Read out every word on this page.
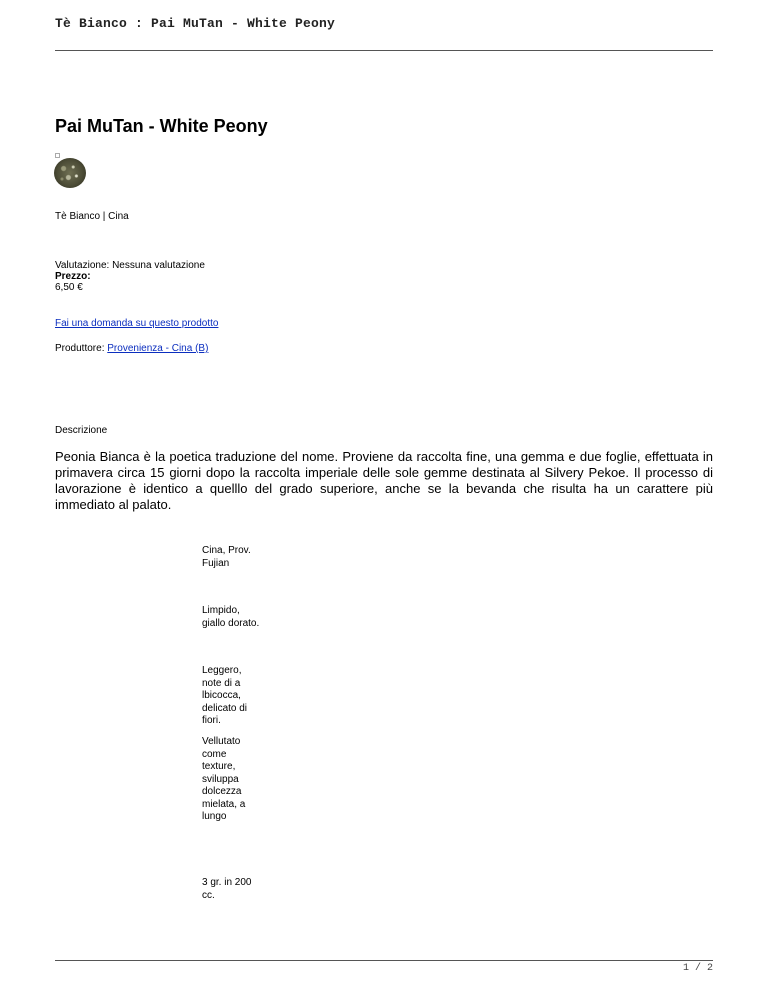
Tè Bianco : Pai MuTan - White Peony
Pai MuTan - White Peony
Tè Bianco | Cina
Valutazione: Nessuna valutazione
Prezzo:
6,50 €
Fai una domanda su questo prodotto
Produttore: Provenienza - Cina (B)
Descrizione

Peonia Bianca è la poetica traduzione del nome. Proviene da raccolta fine, una gemma e due foglie, effettuata in primavera circa 15 giorni dopo la raccolta imperiale delle sole gemme destinata al Silvery Pekoe. Il processo di lavorazione è identico a quelllo del grado superiore, anche se la bevanda che risulta ha un carattere più immediato al palato.

Cina, Prov. Fujian

Limpido, giallo dorato.

Leggero, note di a lbicocca, delicato di fiori.

Vellutato come texture, sviluppa dolcezza mielata, a lungo

3 gr. in 200 cc.

1 / 2
